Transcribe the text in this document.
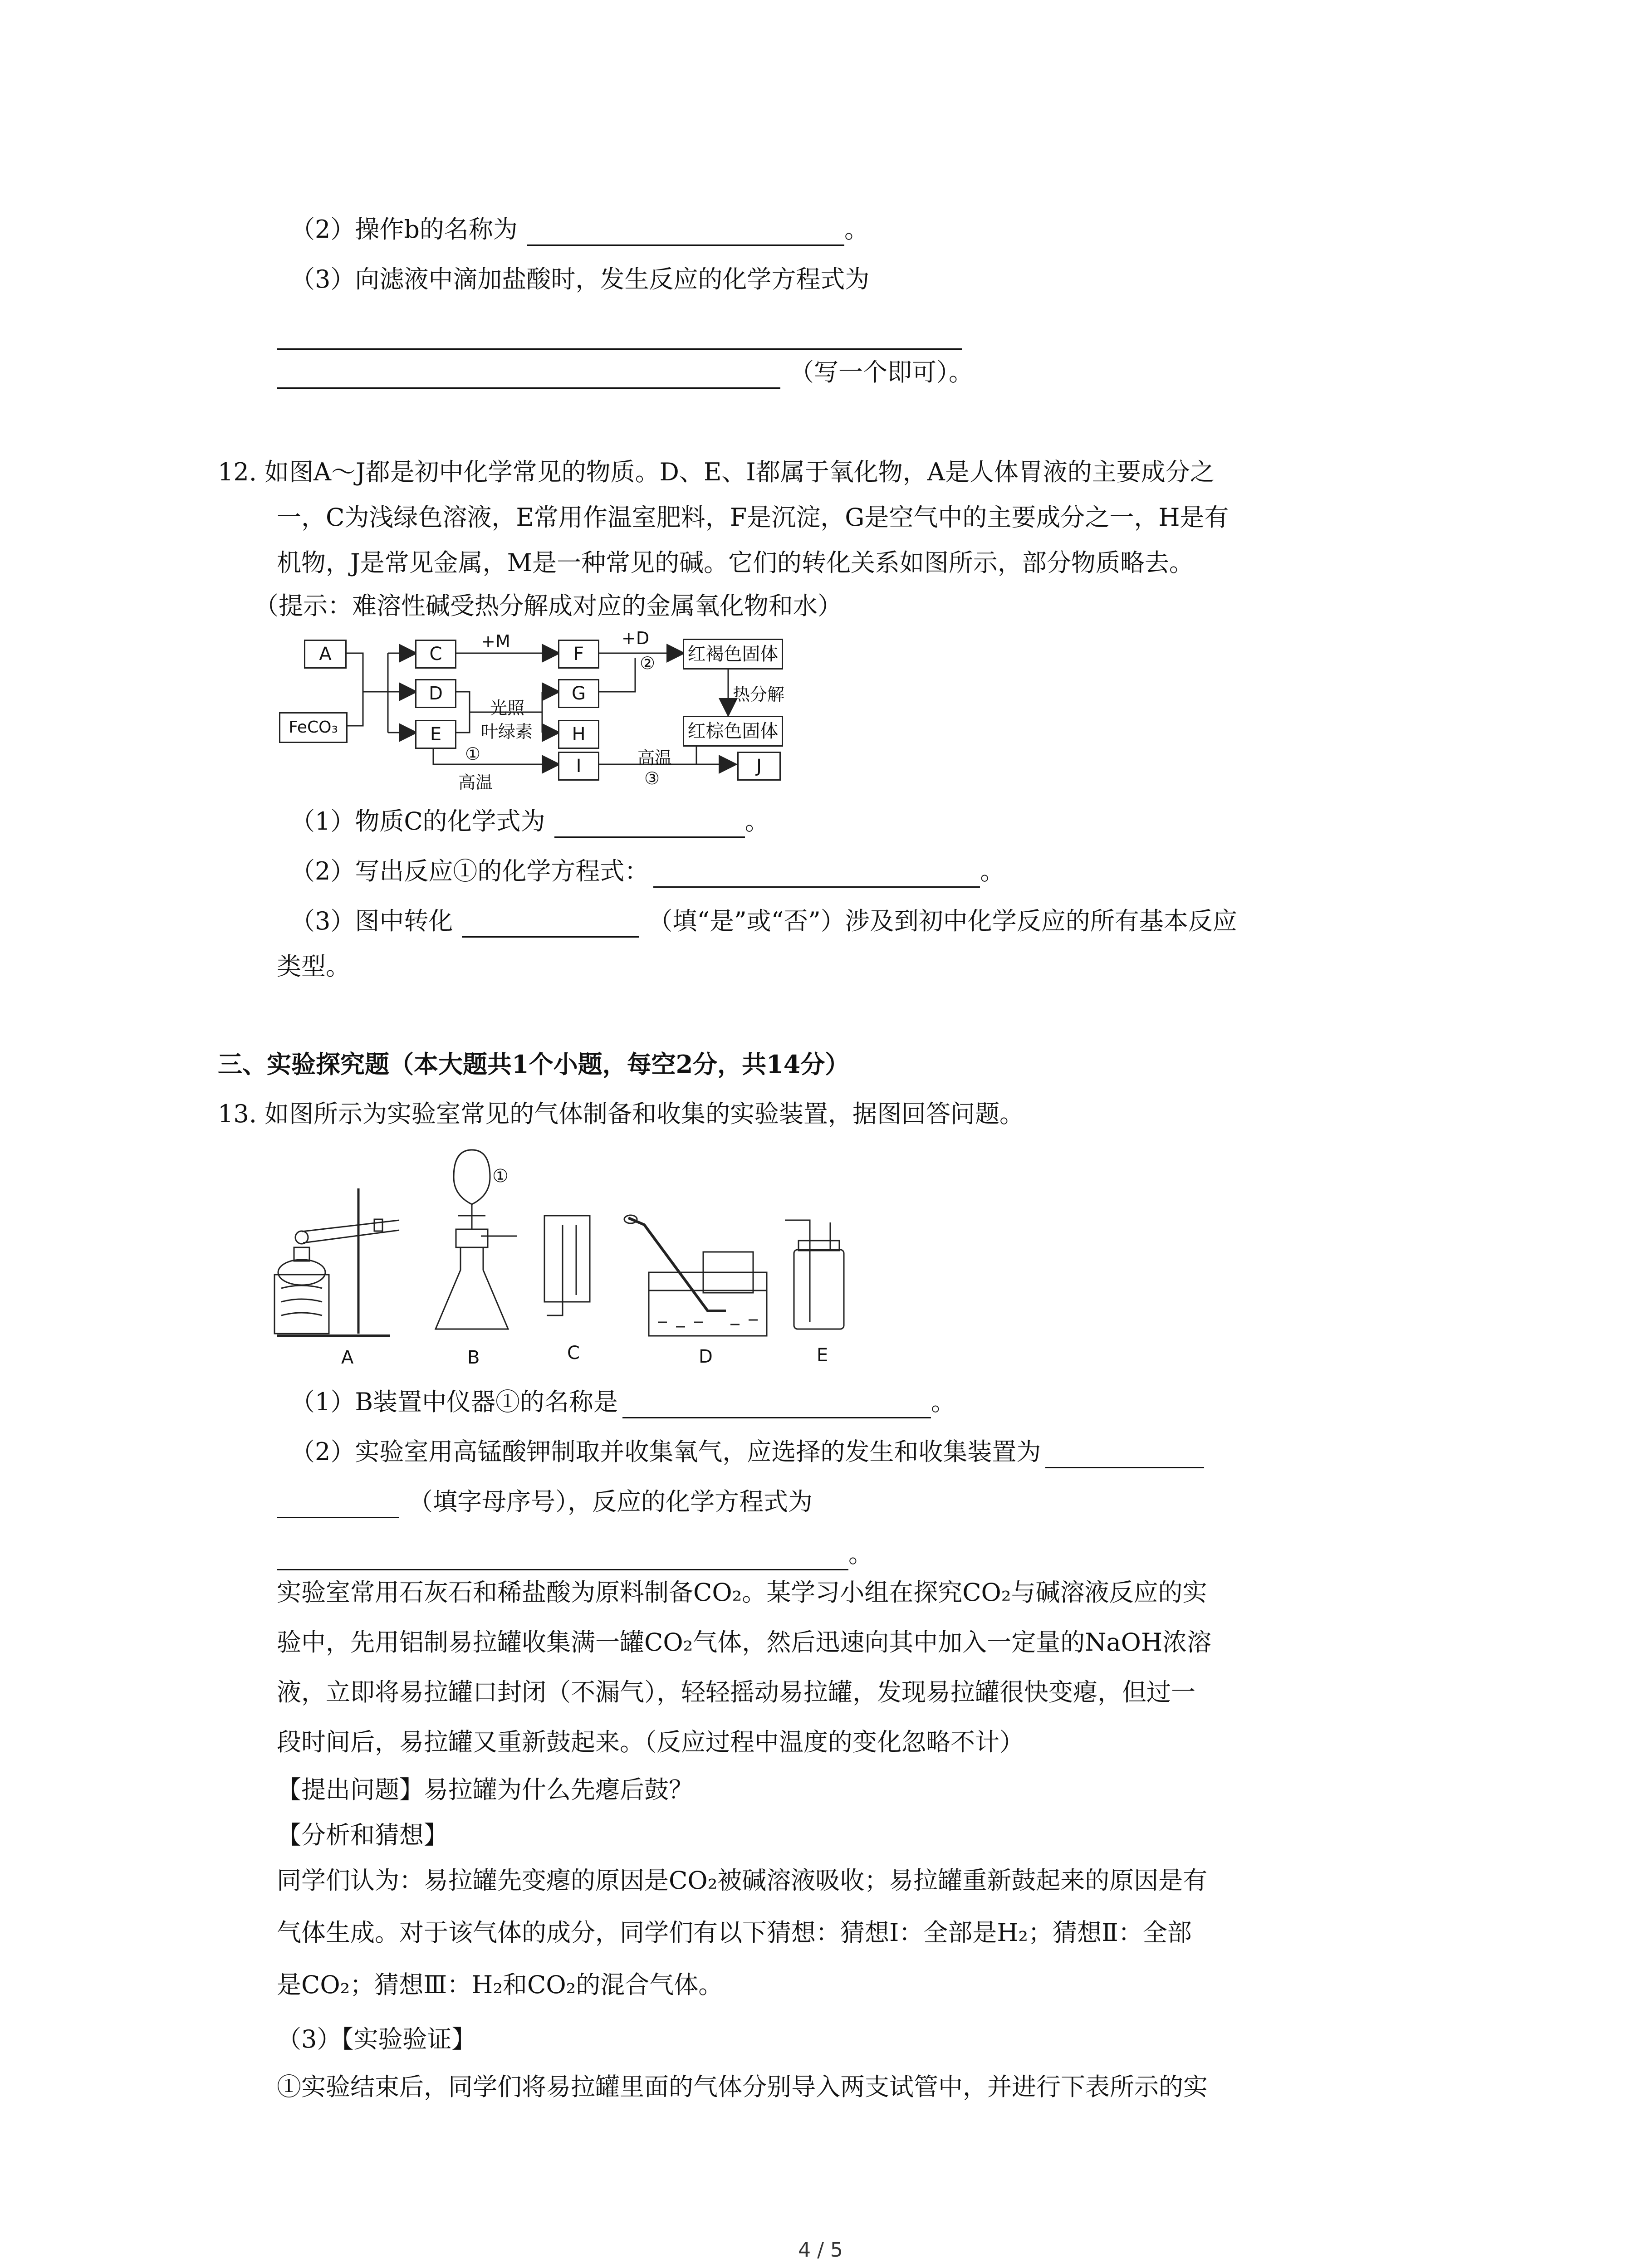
（2）操作b的名称为	。
（3）向滤液中滴加盐酸时，发生反应的化学方程式为
（写一个即可）。
12. 如图A～J都是初中化学常见的物质。D、E、I都属于氧化物，A是人体胃液的主要成分之
一，C为浅绿色溶液，E常用作温室肥料，F是沉淀，G是空气中的主要成分之一，H是有
机物，J是常见金属，M是一种常见的碱。它们的转化关系如图所示，部分物质略去。
（提示：难溶性碱受热分解成对应的金属氧化物和水）
A
FeCO₃
C
D
E
F
G
H
I	J
红褐色固体
红棕色固体
+M	+D
②
光照
叶绿素
①
高温
高温
③
热分解
（1）物质C的化学式为	。
（2）写出反应①的化学方程式：	。
（3）图中转化	（填“是”或“否”）涉及到初中化学反应的所有基本反应
类型。
三、实验探究题（本大题共1个小题，每空2分，共14分）
13. 如图所示为实验室常见的气体制备和收集的实验装置，据图回答问题。
A	B	C	D	E
①
（1）B装置中仪器①的名称是	。
（2）实验室用高锰酸钾制取并收集氧气，应选择的发生和收集装置为
（填字母序号），反应的化学方程式为
。
实验室常用石灰石和稀盐酸为原料制备CO₂。某学习小组在探究CO₂与碱溶液反应的实
验中，先用铝制易拉罐收集满一罐CO₂气体，然后迅速向其中加入一定量的NaOH浓溶
液，立即将易拉罐口封闭（不漏气），轻轻摇动易拉罐，发现易拉罐很快变瘪，但过一
段时间后，易拉罐又重新鼓起来。（反应过程中温度的变化忽略不计）
【提出问题】易拉罐为什么先瘪后鼓？
【分析和猜想】
同学们认为：易拉罐先变瘪的原因是CO₂被碱溶液吸收；易拉罐重新鼓起来的原因是有
气体生成。对于该气体的成分，同学们有以下猜想：猜想Ⅰ：全部是H₂；猜想Ⅱ：全部
是CO₂；猜想Ⅲ：H₂和CO₂的混合气体。
（3）【实验验证】
①实验结束后，同学们将易拉罐里面的气体分别导入两支试管中，并进行下表所示的实
4 / 5
